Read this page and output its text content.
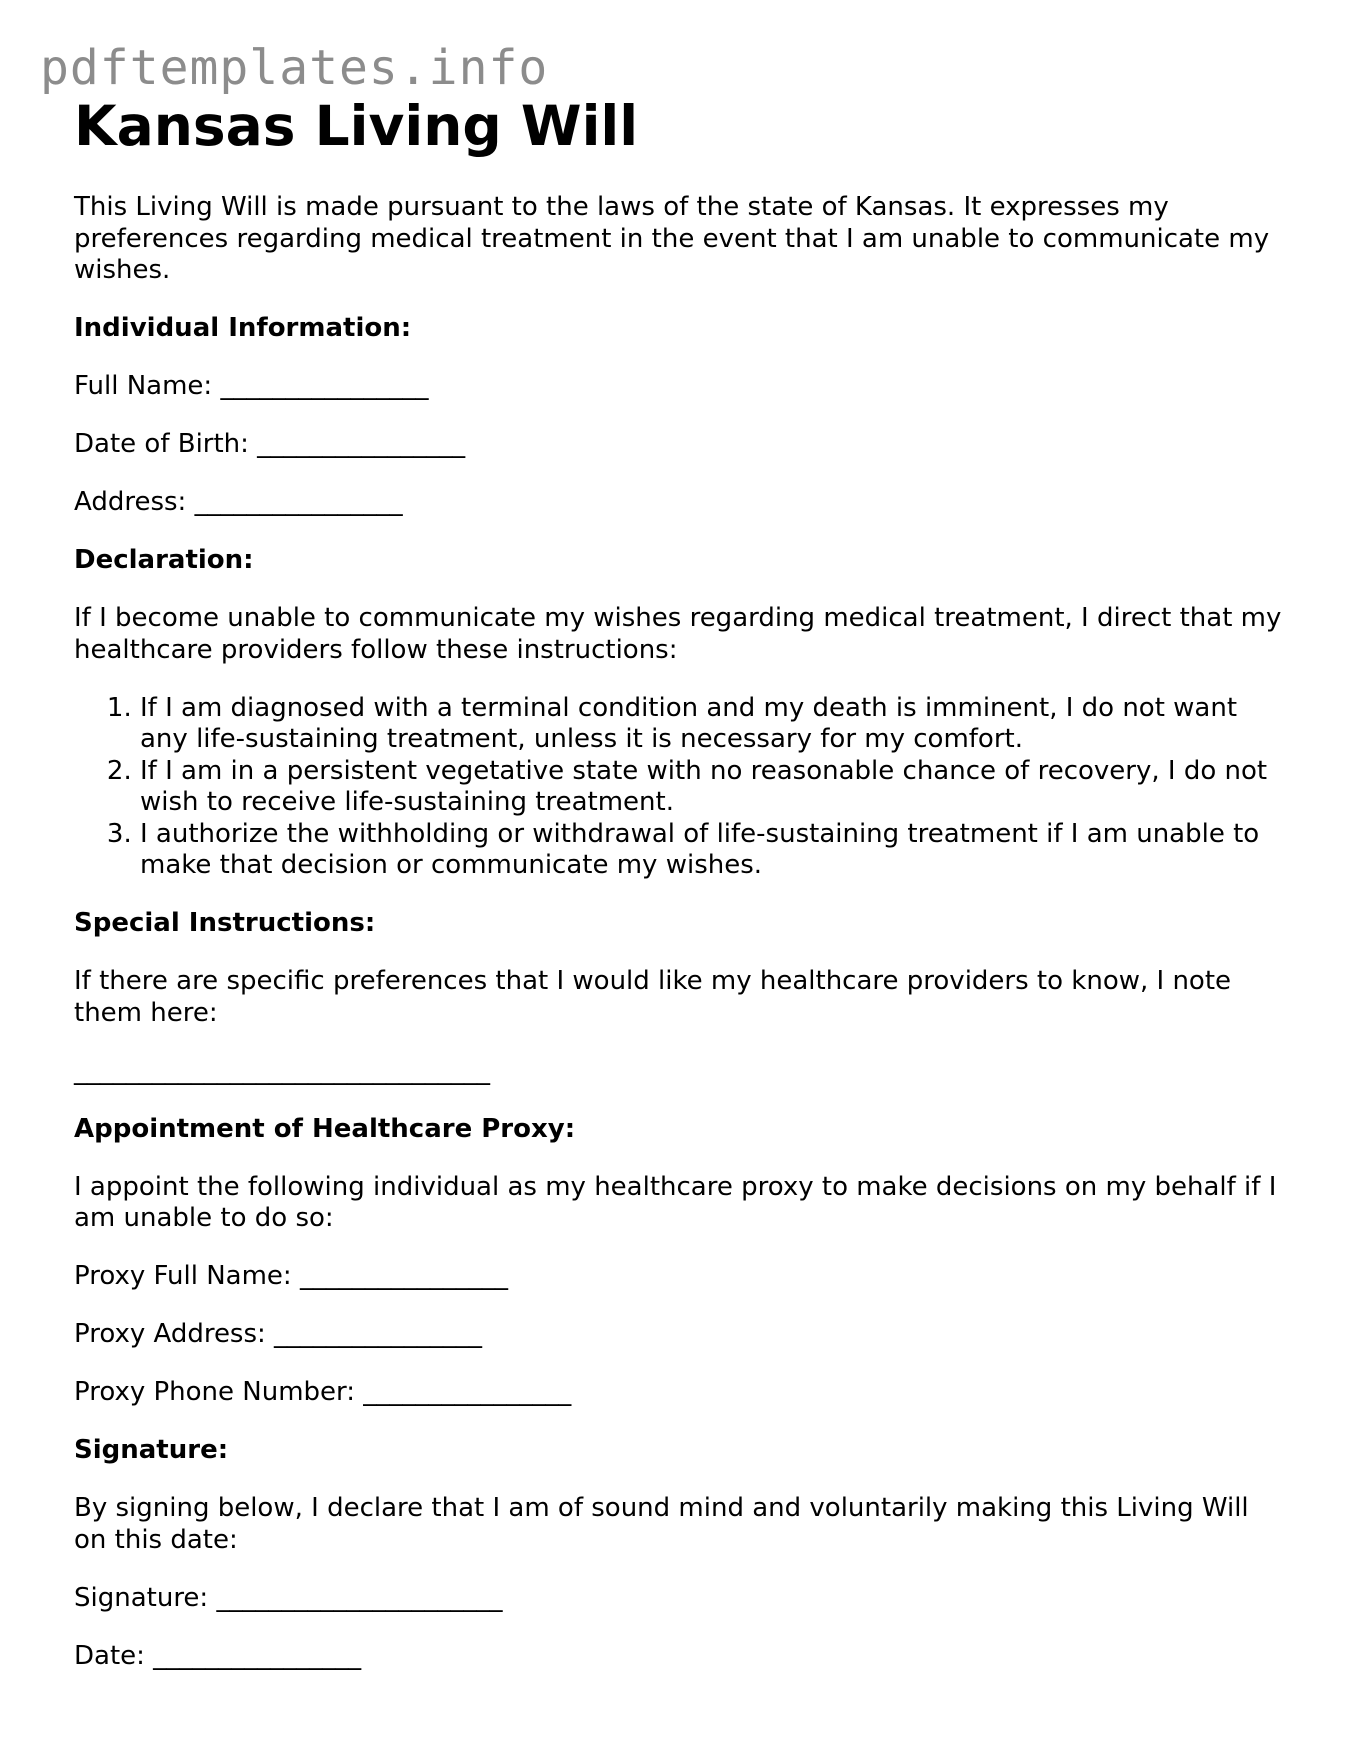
pdftemplates.info
Kansas Living Will

This Living Will is made pursuant to the laws of the state of Kansas. It expresses my preferences regarding medical treatment in the event that I am unable to communicate my wishes.

Individual Information:

Full Name: ________________

Date of Birth: ________________

Address: ________________

Declaration:

If I become unable to communicate my wishes regarding medical treatment, I direct that my healthcare providers follow these instructions:

1. If I am diagnosed with a terminal condition and my death is imminent, I do not want any life-sustaining treatment, unless it is necessary for my comfort.
2. If I am in a persistent vegetative state with no reasonable chance of recovery, I do not wish to receive life-sustaining treatment.
3. I authorize the withholding or withdrawal of life-sustaining treatment if I am unable to make that decision or communicate my wishes.

Special Instructions:

If there are specific preferences that I would like my healthcare providers to know, I note them here:

________________________________

Appointment of Healthcare Proxy:

I appoint the following individual as my healthcare proxy to make decisions on my behalf if I am unable to do so:

Proxy Full Name: ________________

Proxy Address: ________________

Proxy Phone Number: ________________

Signature:

By signing below, I declare that I am of sound mind and voluntarily making this Living Will on this date:

Signature: ______________________

Date: ________________
